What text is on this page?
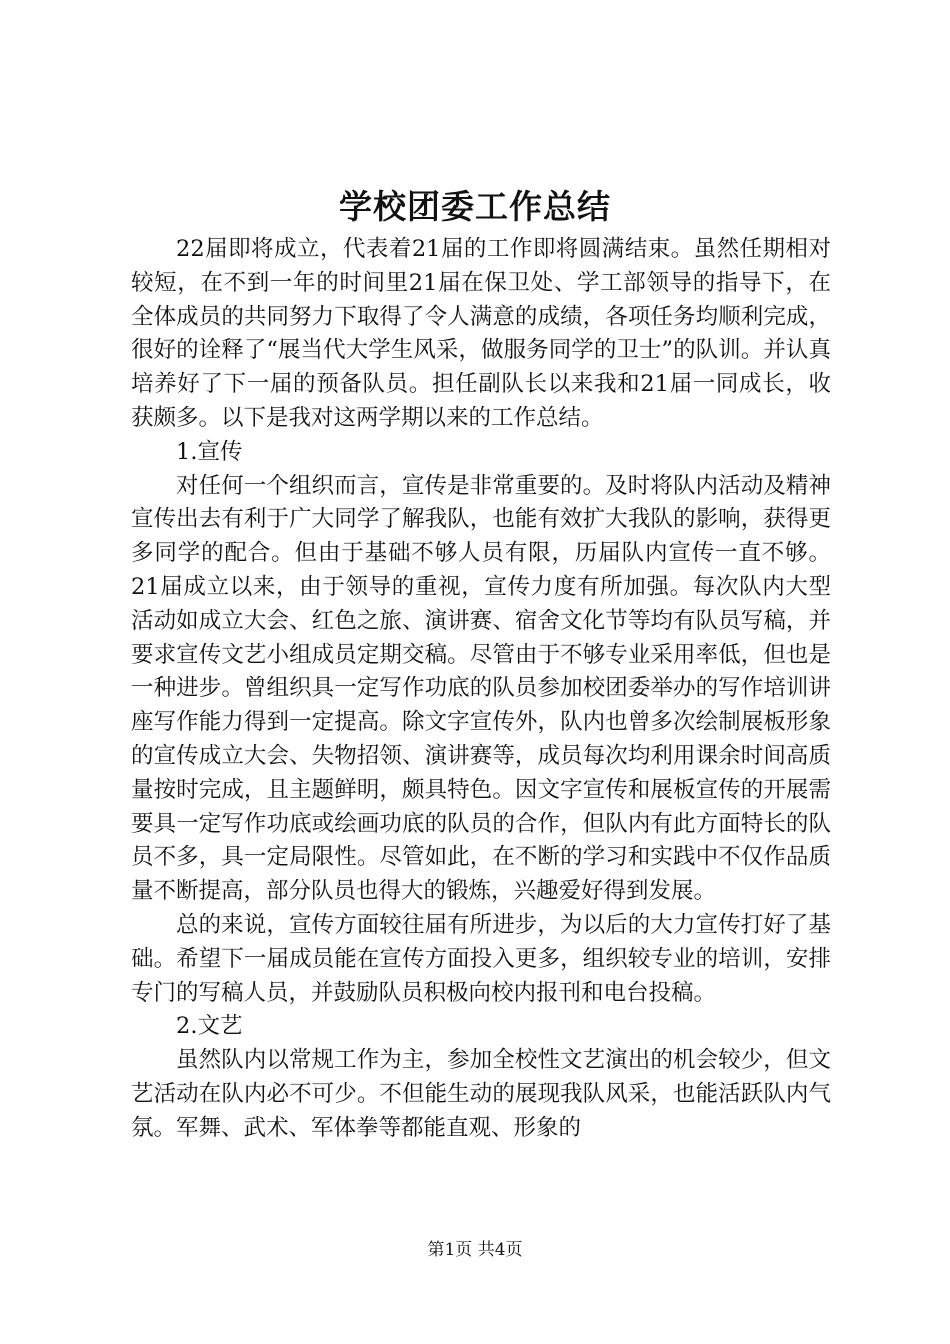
学校团委工作总结

22届即将成立，代表着21届的工作即将圆满结束。虽然任期相对较短，在不到一年的时间里21届在保卫处、学工部领导的指导下，在全体成员的共同努力下取得了令人满意的成绩，各项任务均顺利完成，很好的诠释了“展当代大学生风采，做服务同学的卫士”的队训。并认真培养好了下一届的预备队员。担任副队长以来我和21届一同成长，收获颇多。以下是我对这两学期以来的工作总结。

1.宣传

对任何一个组织而言，宣传是非常重要的。及时将队内活动及精神宣传出去有利于广大同学了解我队，也能有效扩大我队的影响，获得更多同学的配合。但由于基础不够人员有限，历届队内宣传一直不够。21届成立以来，由于领导的重视，宣传力度有所加强。每次队内大型活动如成立大会、红色之旅、演讲赛、宿舍文化节等均有队员写稿，并要求宣传文艺小组成员定期交稿。尽管由于不够专业采用率低，但也是一种进步。曾组织具一定写作功底的队员参加校团委举办的写作培训讲座写作能力得到一定提高。除文字宣传外，队内也曾多次绘制展板形象的宣传成立大会、失物招领、演讲赛等，成员每次均利用课余时间高质量按时完成，且主题鲜明，颇具特色。因文字宣传和展板宣传的开展需要具一定写作功底或绘画功底的队员的合作，但队内有此方面特长的队员不多，具一定局限性。尽管如此，在不断的学习和实践中不仅作品质量不断提高，部分队员也得大的锻炼，兴趣爱好得到发展。

总的来说，宣传方面较往届有所进步，为以后的大力宣传打好了基础。希望下一届成员能在宣传方面投入更多，组织较专业的培训，安排专门的写稿人员，并鼓励队员积极向校内报刊和电台投稿。

2.文艺

虽然队内以常规工作为主，参加全校性文艺演出的机会较少，但文艺活动在队内必不可少。不但能生动的展现我队风采，也能活跃队内气氛。军舞、武术、军体拳等都能直观、形象的

第1页 共4页
